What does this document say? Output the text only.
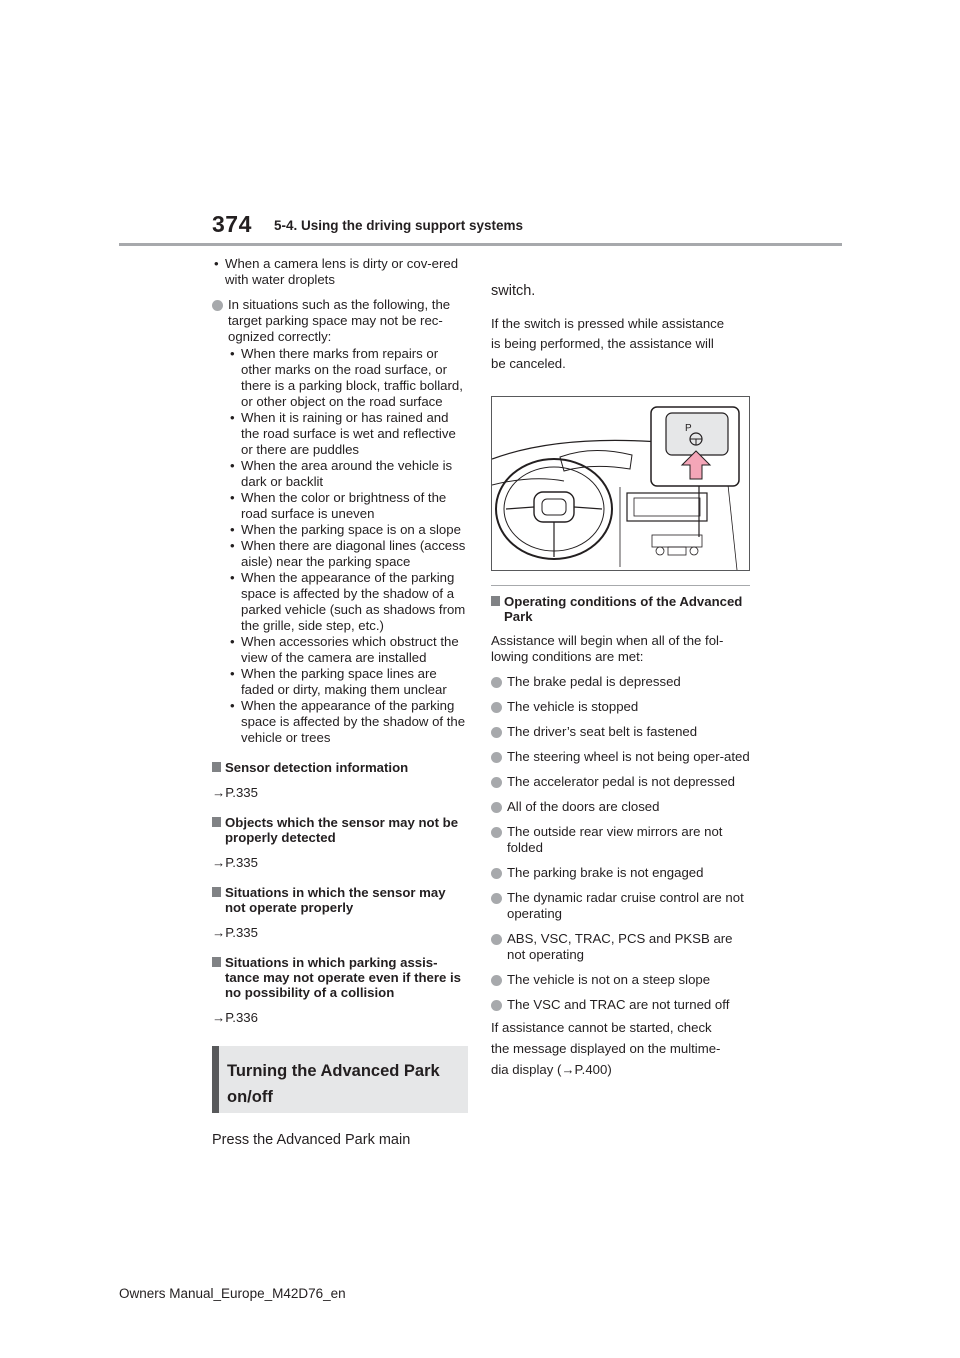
374 5-4. Using the driving support systems

• When a camera lens is dirty or cov-ered with water droplets

In situations such as the following, the target parking space may not be rec-ognized correctly:

• When there marks from repairs or other marks on the road surface, or there is a parking block, traffic bollard, or other object on the road surface

• When it is raining or has rained and the road surface is wet and reflective or there are puddles

• When the area around the vehicle is dark or backlit

• When the color or brightness of the road surface is uneven

• When the parking space is on a slope

• When there are diagonal lines (access aisle) near the parking space

• When the appearance of the parking space is affected by the shadow of a parked vehicle (such as shadows from the grille, side step, etc.)

• When accessories which obstruct the view of the camera are installed

• When the parking space lines are faded or dirty, making them unclear

• When the appearance of the parking space is affected by the shadow of the vehicle or trees

Sensor detection information

→P.335

Objects which the sensor may not be properly detected

→P.335

Situations in which the sensor may not operate properly

→P.335

Situations in which parking assis-tance may not operate even if there is no possibility of a collision

→P.336

Turning the Advanced Park
on/off

Press the Advanced Park main

switch.

If the switch is pressed while assistance

is being performed, the assistance will

be canceled.

P
Operating conditions of the Advanced Park

Assistance will begin when all of the fol-lowing conditions are met:

The brake pedal is depressed
The vehicle is stopped
The driver’s seat belt is fastened
The steering wheel is not being oper-ated
The accelerator pedal is not depressed
All of the doors are closed
The outside rear view mirrors are not folded
The parking brake is not engaged
The dynamic radar cruise control are not operating
ABS, VSC, TRAC, PCS and PKSB are not operating
The vehicle is not on a steep slope
The VSC and TRAC are not turned off

If assistance cannot be started, check

the message displayed on the multime-

dia display (→P.400)

Owners Manual_Europe_M42D76_en
